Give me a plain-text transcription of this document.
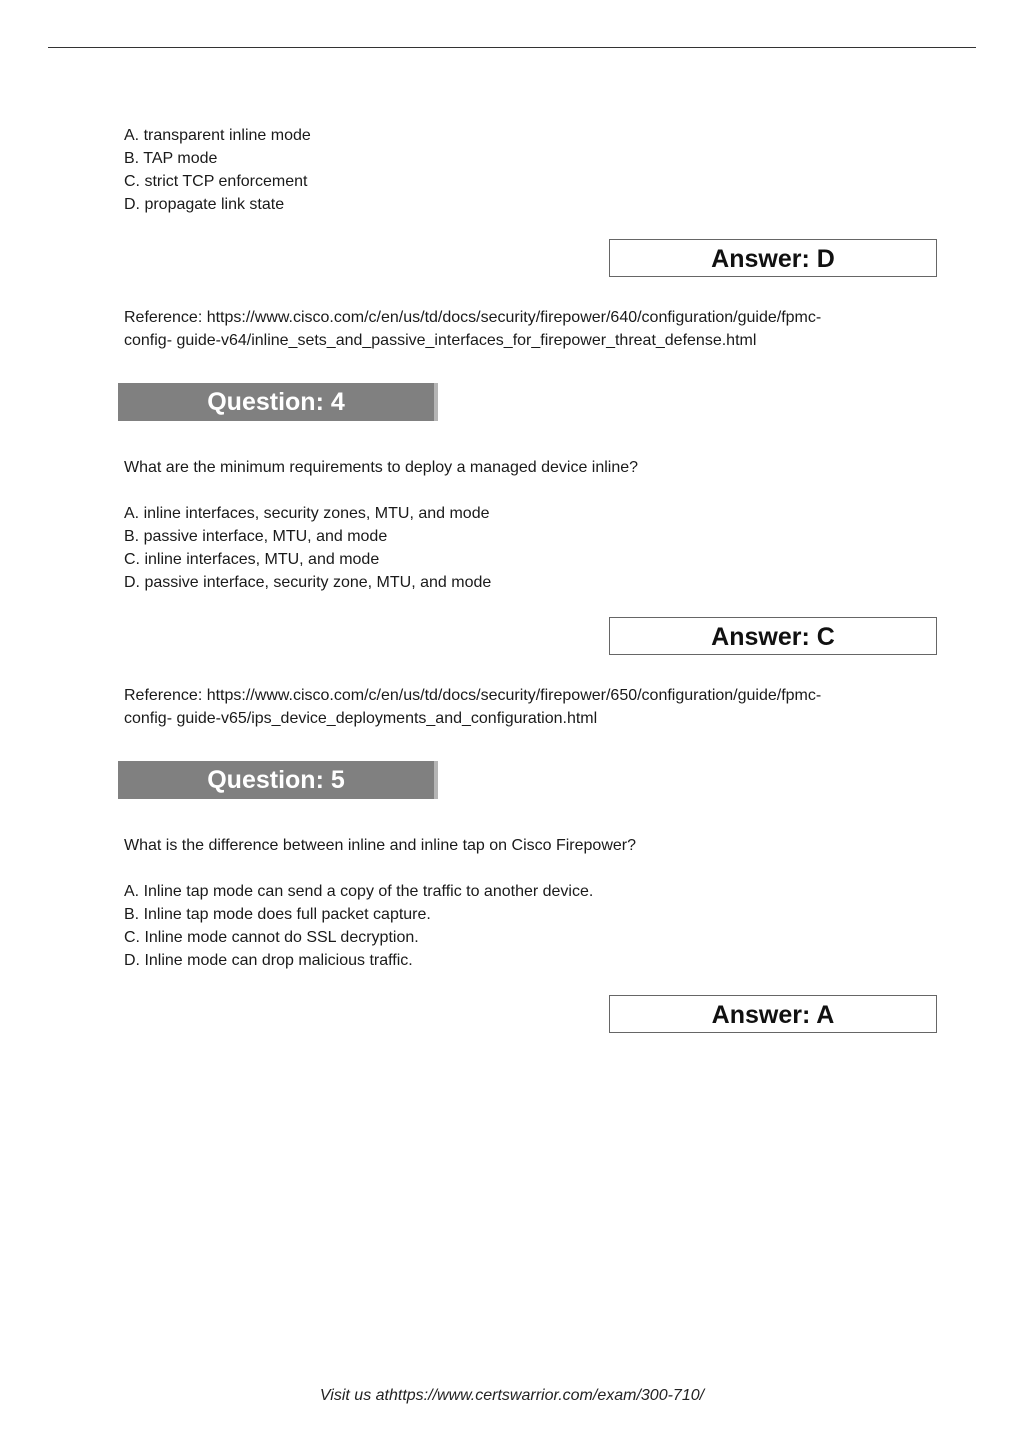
A. transparent inline mode
B. TAP mode
C. strict TCP enforcement
D. propagate link state
Answer: D

Reference: https://www.cisco.com/c/en/us/td/docs/security/firepower/640/configuration/guide/fpmc-
config- guide-v64/inline_sets_and_passive_interfaces_for_firepower_threat_defense.html

Question: 4

What are the minimum requirements to deploy a managed device inline?

A. inline interfaces, security zones, MTU, and mode
B. passive interface, MTU, and mode
C. inline interfaces, MTU, and mode
D. passive interface, security zone, MTU, and mode
Answer: C

Reference: https://www.cisco.com/c/en/us/td/docs/security/firepower/650/configuration/guide/fpmc-
config- guide-v65/ips_device_deployments_and_configuration.html

Question: 5

What is the difference between inline and inline tap on Cisco Firepower?

A. Inline tap mode can send a copy of the traffic to another device.
B. Inline tap mode does full packet capture.
C. Inline mode cannot do SSL decryption.
D. Inline mode can drop malicious traffic.
Answer: A
Visit us athttps://www.certswarrior.com/exam/300-710/
